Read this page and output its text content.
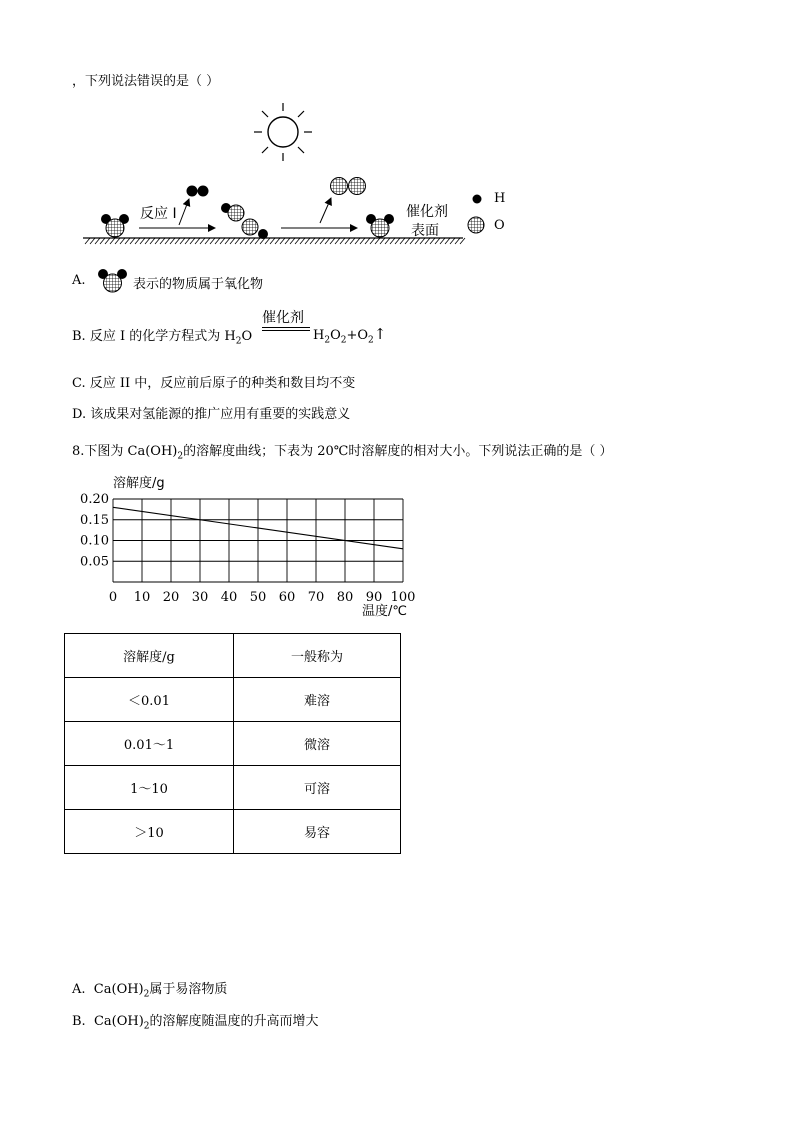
，下列说法错误的是（ ）
反应 I	催化剂
表面
H
O
A.	表示的物质属于氧化物
B. 反应 I 的化学方程式为 $H_2O$
催化剂
$H_2O_2+O_2↑$
C. 反应 II 中，反应前后原子的种类和数目均不变
D. 该成果对氢能源的推广应用有重要的实践意义
8.下图为 $Ca(OH)_2$的溶解度曲线；下表为 20℃时溶解度的相对大小。下列说法正确的是（ ）
溶解度/g
温度/℃
0 10 20 30 40 50 60 70 80 90 100
0.20
0.15
0.10
0.05
溶解度/g	一般称为
＜0.01	难溶
0.01～1	微溶
1～10	可溶
＞10	易容
A. $Ca(OH)_2$属于易溶物质
B. $Ca(OH)_2$的溶解度随温度的升高而增大
